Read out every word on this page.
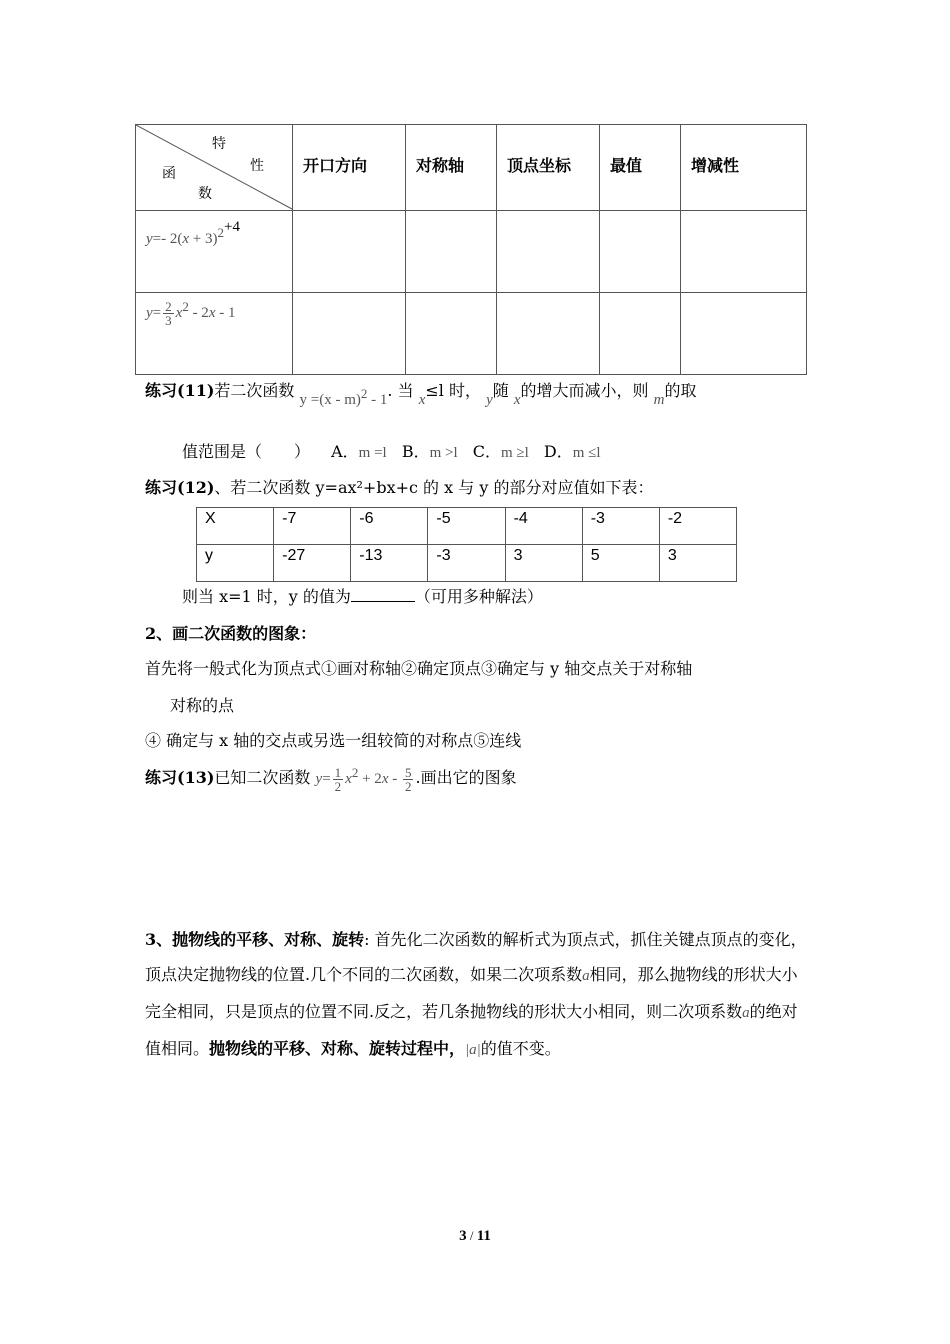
特
性
函
数	开口方向	对称轴	顶点坐标	最值	增减性
y=- $2(x + 3)^2+4$					
$y= \frac{2}{3} x^2 - 2x - 1$					
练习(11)若二次函数 y =(x - m)$^2$ - 1. 当 x≤l 时， y随 x的增大而减小，则 m的取
值范围是（　　） A．m =l B．m >l C．m ≥l D．m ≤l
练习(12)、若二次函数 y=ax²+bx+c 的 x 与 y 的部分对应值如下表：
X	-7	-6	-5	-4	-3	-2
y	-27	-13	-3	3	5	3
则当 x=1 时，y 的值为	（可用多种解法）
2、画二次函数的图象：
首先将一般式化为顶点式①画对称轴②确定顶点③确定与 y 轴交点关于对称轴
对称的点
④ 确定与 x 轴的交点或另选一组较简的对称点⑤连线
练习(13)已知二次函数 $y= \frac{1}{2} x^2 + 2x - \frac{5}{2}$ .画出它的图象
3、抛物线的平移、对称、旋转: 首先化二次函数的解析式为顶点式，抓住关键点顶点的变化，顶点决定抛物线的位置.几个不同的二次函数，如果二次项系数a相同，那么抛物线的形状大小完全相同，只是顶点的位置不同.反之，若几条抛物线的形状大小相同，则二次项系数a的绝对值相同。抛物线的平移、对称、旋转过程中，|a|的值不变。
3 / 11
